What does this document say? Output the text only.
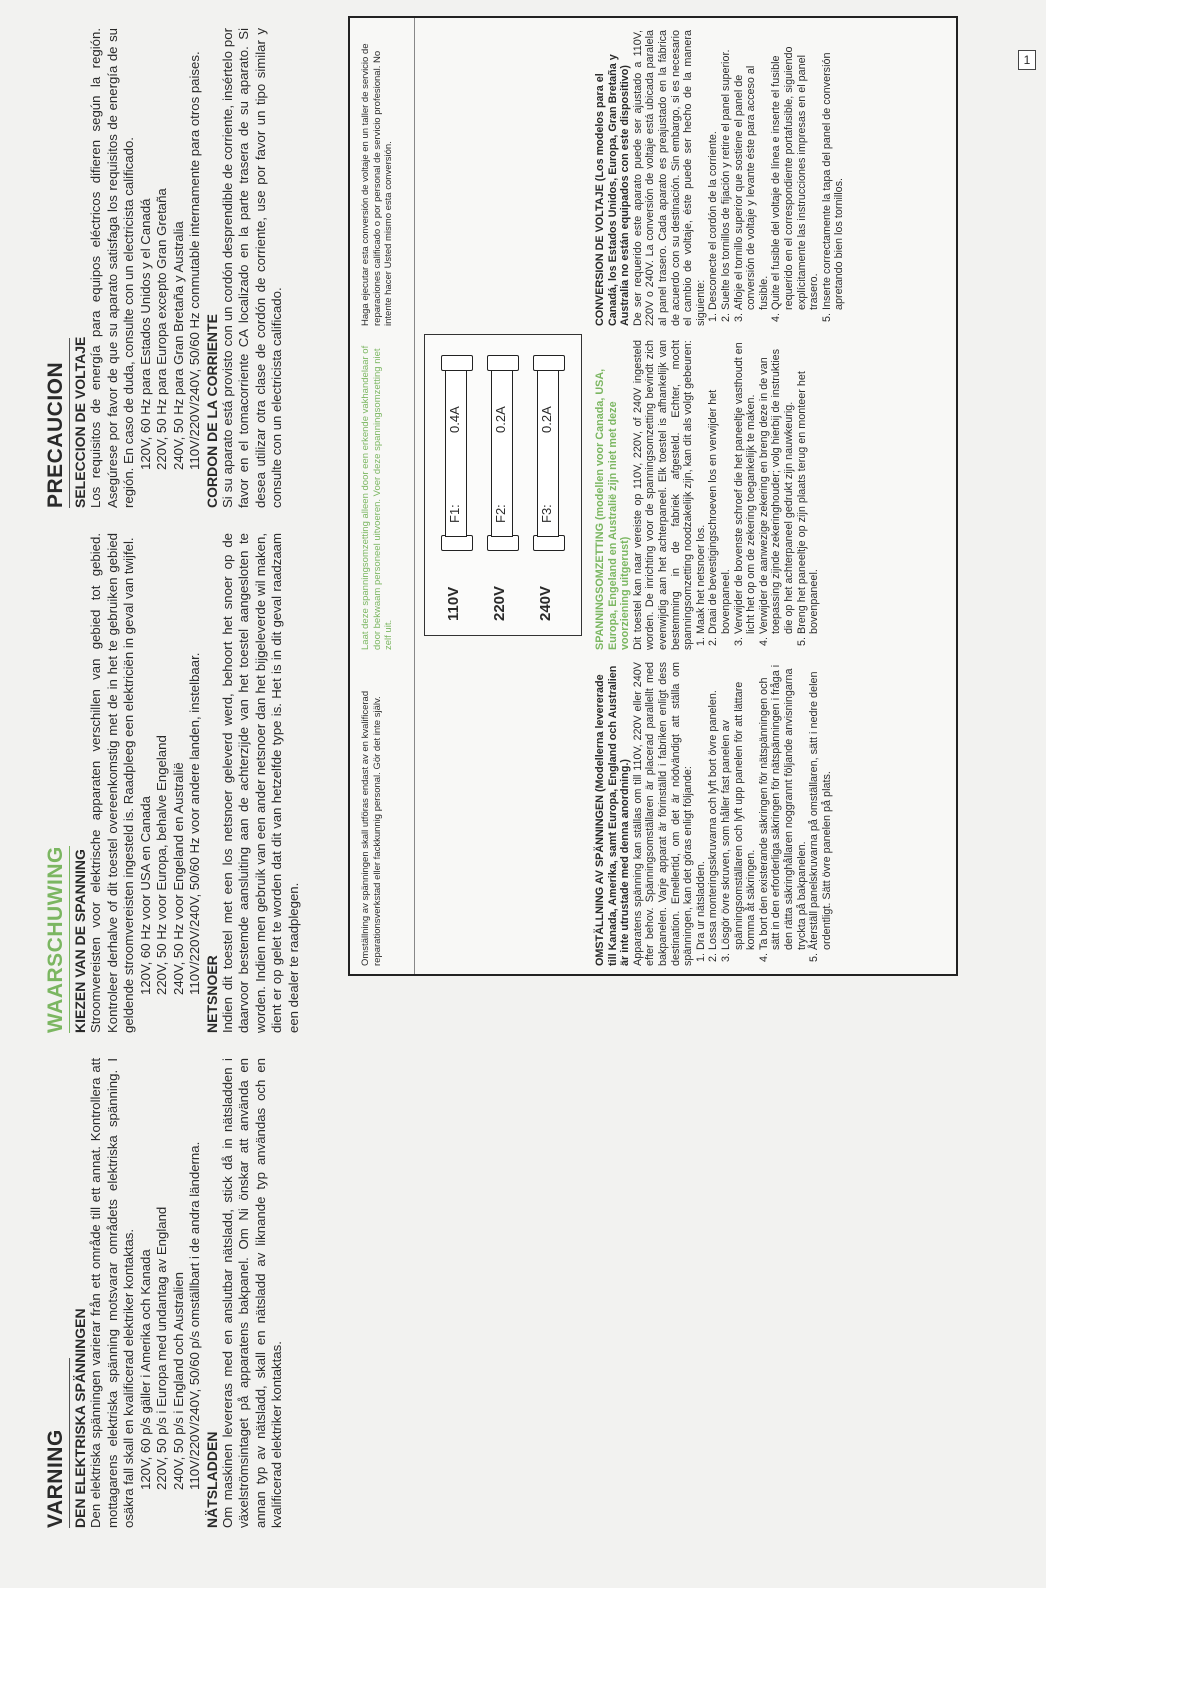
1
VARNING DEN ELEKTRISKA SPÄNNINGEN Den elektriska spänningen varierar från ett område till ett annat. Kontrollera att mottagarens elektriska spänning motsvarar områdets elektriska spänning. I osäkra fall skall en kvalificerad elektriker kontaktas. 120V, 60 p/s gäller i Amerika och Kanada 220V, 50 p/s i Europa med undantag av England 240V, 50 p/s i England och Australien 110V/220V/240V, 50/60 p/s omställbart i de andra länderna. NÄTSLADDEN Om maskinen levereras med en anslutbar nätsladd, stick då in nätsladden i växelströmsintaget på apparatens bakpanel. Om Ni önskar att använda en annan typ av nätsladd, skall en nätsladd av liknande typ användas och en kvalificerad elektriker kontaktas.

WAARSCHUWING KIEZEN VAN DE SPANNING Stroomvereisten voor elektrische apparaten verschillen van gebied tot gebied. Kontroleer derhalve of dit toestel overeenkomstig met de in het te gebruiken gebied geldende stroomvereisten ingesteld is. Raadpleeg een elektriciën in geval van twijfel. 120V, 60 Hz voor USA en Canada 220V, 50 Hz voor Europa, behalve Engeland 240V, 50 Hz voor Engeland en Australië 110V/220V/240V, 50/60 Hz voor andere landen, instelbaar. NETSNOER Indien dit toestel met een los netsnoer geleverd werd, behoort het snoer op de daarvoor bestemde aansluiting aan de achterzijde van het toestel aangesloten te worden. Indien men gebruik van een ander netsnoer dan het bijgeleverde wil maken, dient er op gelet te worden dat dit van hetzelfde type is. Het is in dit geval raadzaam een dealer te raadplegen.

PRECAUCION SELECCION DE VOLTAJE Los requisitos de energía para equipos eléctricos difieren según la región. Asegúrese por favor de que su aparato satisfaga los requisitos de energía de su región. En caso de duda, consulte con un electricista calificado. 120V, 60 Hz para Estados Unidos y el Canadá 220V, 50 Hz para Europa excepto Gran Gretaña 240V, 50 Hz para Gran Bretaña y Australia 110V/220V/240V, 50/60 Hz conmutable internamente para otros paises. CORDON DE LA CORRIENTE Si su aparato está provisto con un cordón desprendible de corriente, insértelo por favor en el tomacorriente CA localizado en la parte trasera de su aparato. Si desea utilizar otra clase de cordón de corriente, use por favor un tipo similar y consulte con un electricista calificado.

Omställning av spänningen skall utföras endast av en kvalificerad reparationsverkstad eller fackkunnig personal. Gör det inte själv.

Laat deze spanningsomzetting alleen door een erkende vakhandelaar of door bekwaam personeel uitvoeren. Voer deze spanningsomzetting niet zelf uit.

Haga ejecutar esta conversión de voltaje en un taller de servicio de reparaciones calificado o por personal de servicio profesional. No intente hacer Usted mismo esta conversión.

110V
F1:
0.4A
220V
F2:
0.2A
240V
F3:
0.2A

OMSTÄLLNING AV SPÄNNINGEN (Modellerna levererade till Kanada, Amerika, samt Europa, England och Australien är inte utrustade med denna anordning.) Apparatens spänning kan ställas om till 110V, 220V eller 240V efter behov. Spänningsomställaren är placerad parallellt med bakpanelen. Varje apparat är förinställd i fabriken enligt dess destination. Emellertid, om det är nödvändigt att ställa om spänningen, kan det göras enligt följande: 1. Dra ur nätsladden. 2. Lossa monteringsskruvarna och lyft bort övre panelen. 3. Lösgör övre skruven, som håller fast panelen av spänningsomställaren och lyft upp panelen för att lättare komma åt säkringen. 4. Ta bort den existerande säkringen för nätspänningen och sätt in den erforderliga säkringen för nätspänningen i fråga i den rätta säkringhållaren noggrannt följande anvisningarna tryckta på bakpanelen. 5. Återställ panelskruvarna på omställaren, sätt i nedre delen ordentligt. Sätt övre panelen på plats.

SPANNINGSOMZETTING (modellen voor Canada, USA, Europa, Engeland en Australië zijn niet met deze voorziening uitgerust) Dit toestel kan naar vereiste op 110V, 220V, of 240V ingesteld worden. De inrichting voor de spanningsomzetting bevindt zich evenwijdig aan het achterpaneel. Elk toestel is afhankelijk van bestemming in de fabriek afgesteld. Echter, mocht spanningsomzetting noodzakelijk zijn, kan dit als volgt gebeuren: 1. Maak het netsnoer los. 2. Draai de bevestigingschroeven los en verwijder het bovenpaneel. 3. Verwijder de bovenste schroef die het paneeltje vasthoudt en licht het op om de zekering toegankelijk te maken. 4. Verwijder de aanwezige zekering en breng deze in de van toepassing zijnde zekeringhouder; volg hierbij de instrukties die op het achterpaneel gedrukt zijn nauwkeurig. 5. Breng het paneeltje op zijn plaats terug en monteer het bovenpaneel.

CONVERSION DE VOLTAJE (Los modelos para el Canadá, los Estados Unidos, Europa, Gran Bretaña y Australia no están equipados con este dispositivo) De ser requerido este aparato puede ser ajustado a 110V, 220V o 240V. La conversión de voltaje está ubicada paralela al panel trasero. Cada aparato es preajustado en la fábrica de acuerdo con su destinación. Sin embargo, si es necesario el cambio de voltaje, éste puede ser hecho de la manera siguiente: 1. Desconecte el cordón de la corriente. 2. Suelte los tornillos de fijación y retire el panel superior. 3. Afloje el tornillo superior que sostiene el panel de conversión de voltaje y levante éste para acceso al fusible. 4. Quite el fusible del voltaje de línea e inserte el fusible requerido en el correspondiente portafusible, siguiendo explícitamente las instrucciones impresas en el panel trasero. 5. Inserte correctamente la tapa del panel de conversión apretando bien los tornillos.
